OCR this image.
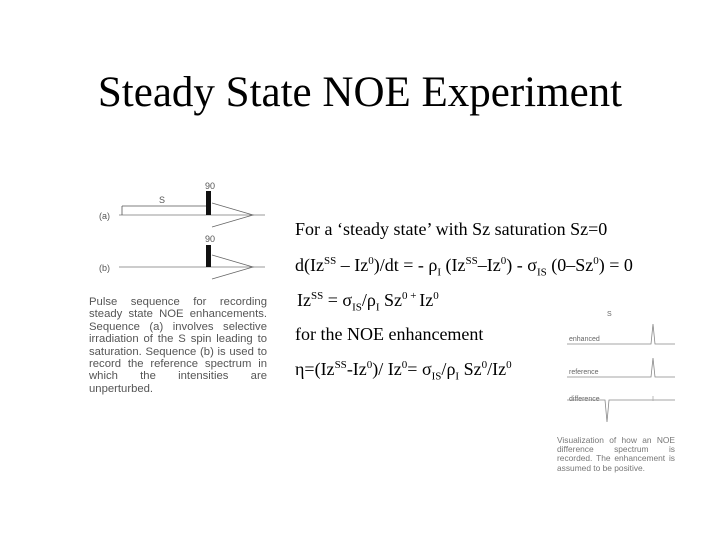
Steady State NOE Experiment
(a)
S
90
(b)
90
Pulse sequence for recording steady state NOE enhancements. Sequence (a) involves selective irradiation of the S spin leading to saturation. Sequence (b) is used to record the reference spectrum in which the intensities are unperturbed.
For a ‘steady state’ with Sz saturation Sz=0
$d(Iz^{SS} - Iz^0)/dt$ = - $\rho_I$ $(Iz^{SS}-Iz^0) - \sigma_{IS}$ $(0-Sz^0) = 0$
$Iz^{SS} = \sigma_{IS}/\rho_I$ $Sz^{0 +}$ Iz$^0$
for the NOE enhancement
$\eta=(Iz^{SS}-Iz^0)/$ $Iz^0= \sigma_{IS}/\rho_I$ Sz$^0$/Iz$^0$
S
enhanced
reference
difference
Visualization of how an NOE difference spectrum is recorded. The enhancement is assumed to be positive.
